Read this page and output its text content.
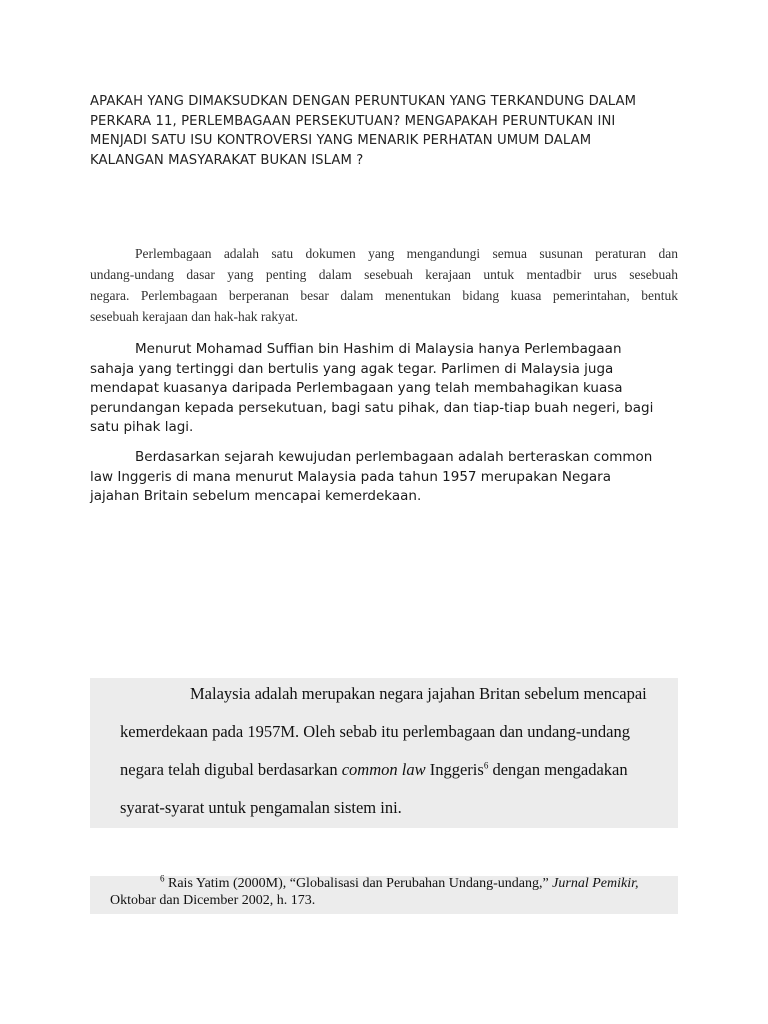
APAKAH YANG DIMAKSUDKAN DENGAN PERUNTUKAN YANG TERKANDUNG DALAM
PERKARA 11, PERLEMBAGAAN PERSEKUTUAN? MENGAPAKAH PERUNTUKAN INI
MENJADI SATU ISU KONTROVERSI YANG MENARIK PERHATAN UMUM DALAM
KALANGAN MASYARAKAT BUKAN ISLAM ?
Perlembagaan adalah satu dokumen yang mengandungi semua susunan peraturan dan
undang-undang dasar yang penting dalam sesebuah kerajaan untuk mentadbir urus sesebuah
negara. Perlembagaan berperanan besar dalam menentukan bidang kuasa pemerintahan, bentuk
sesebuah kerajaan dan hak-hak rakyat.
Menurut Mohamad Suffian bin Hashim di Malaysia hanya Perlembagaan
sahaja yang tertinggi dan bertulis yang agak tegar. Parlimen di Malaysia juga
mendapat kuasanya daripada Perlembagaan yang telah membahagikan kuasa
perundangan kepada persekutuan, bagi satu pihak, dan tiap-tiap buah negeri, bagi
satu pihak lagi.
Berdasarkan sejarah kewujudan perlembagaan adalah berteraskan common
law Inggeris di mana menurut Malaysia pada tahun 1957 merupakan Negara
jajahan Britain sebelum mencapai kemerdekaan.
Malaysia adalah merupakan negara jajahan Britan sebelum mencapai
kemerdekaan pada 1957M. Oleh sebab itu perlembagaan dan undang-undang
negara telah digubal berdasarkan common law Inggeris$^6$ dengan mengadakan
syarat-syarat untuk pengamalan sistem ini.
$^6$ Rais Yatim (2000M), “Globalisasi dan Perubahan Undang-undang,” Jurnal Pemikir,
Oktobar dan Dicember 2002, h. 173.
